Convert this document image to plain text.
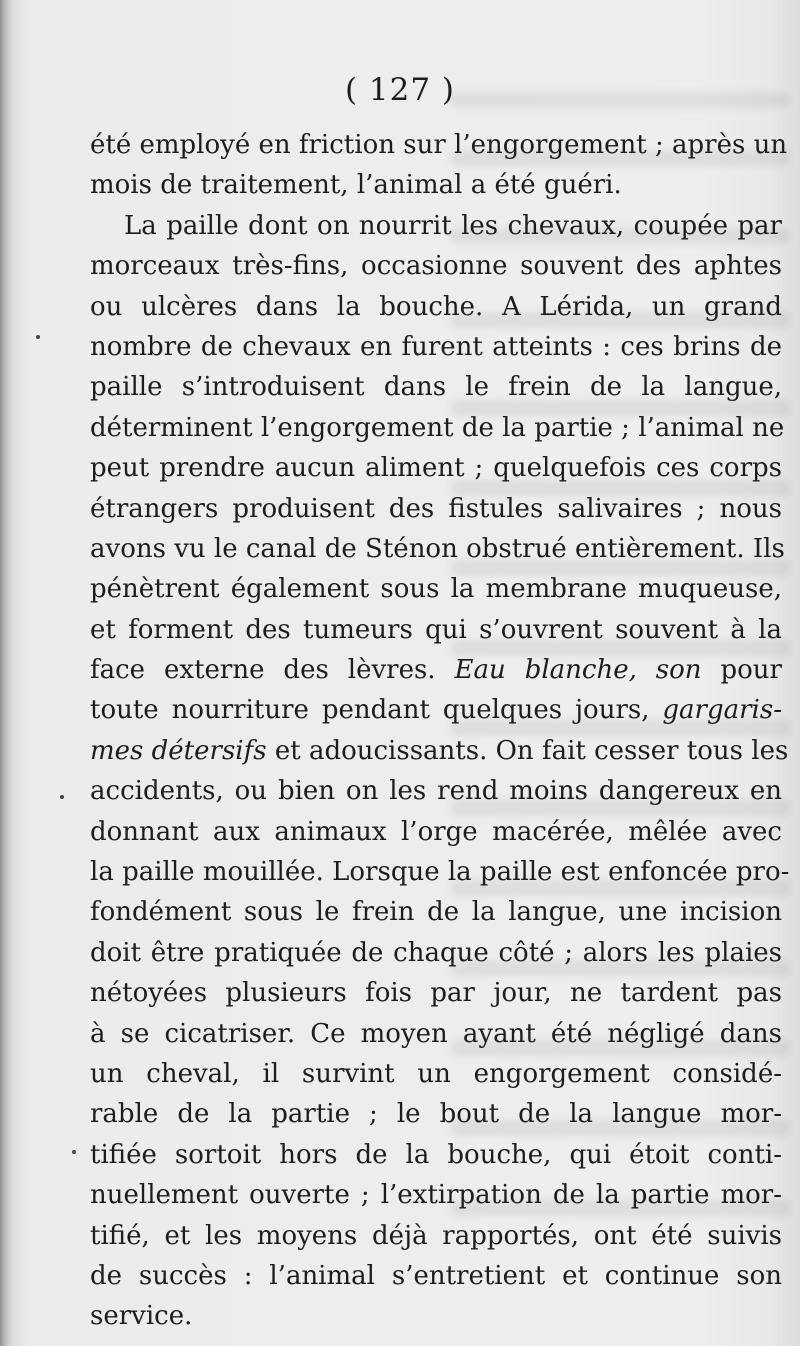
( 127 )
été employé en friction sur l’engorgement ; après un
mois de traitement, l’animal a été guéri.
La paille dont on nourrit les chevaux, coupée par
morceaux très-fins, occasionne souvent des aphtes
ou ulcères dans la bouche. A Lérida, un grand
nombre de chevaux en furent atteints : ces brins de
paille s’introduisent dans le frein de la langue,
déterminent l’engorgement de la partie ; l’animal ne
peut prendre aucun aliment ; quelquefois ces corps
étrangers produisent des fistules salivaires ; nous
avons vu le canal de Sténon obstrué entièrement. Ils
pénètrent également sous la membrane muqueuse,
et forment des tumeurs qui s’ouvrent souvent à la
face externe des lèvres. Eau blanche, son pour
toute nourriture pendant quelques jours, gargaris-
mes détersifs et adoucissants. On fait cesser tous les
accidents, ou bien on les rend moins dangereux en
donnant aux animaux l’orge macérée, mêlée avec
la paille mouillée. Lorsque la paille est enfoncée pro-
fondément sous le frein de la langue, une incision
doit être pratiquée de chaque côté ; alors les plaies
nétoyées plusieurs fois par jour, ne tardent pas
à se cicatriser. Ce moyen ayant été négligé dans
un cheval, il survint un engorgement considé-
rable de la partie ; le bout de la langue mor-
tifiée sortoit hors de la bouche, qui étoit conti-
nuellement ouverte ; l’extirpation de la partie mor-
tifié, et les moyens déjà rapportés, ont été suivis
de succès : l’animal s’entretient et continue son
service.
